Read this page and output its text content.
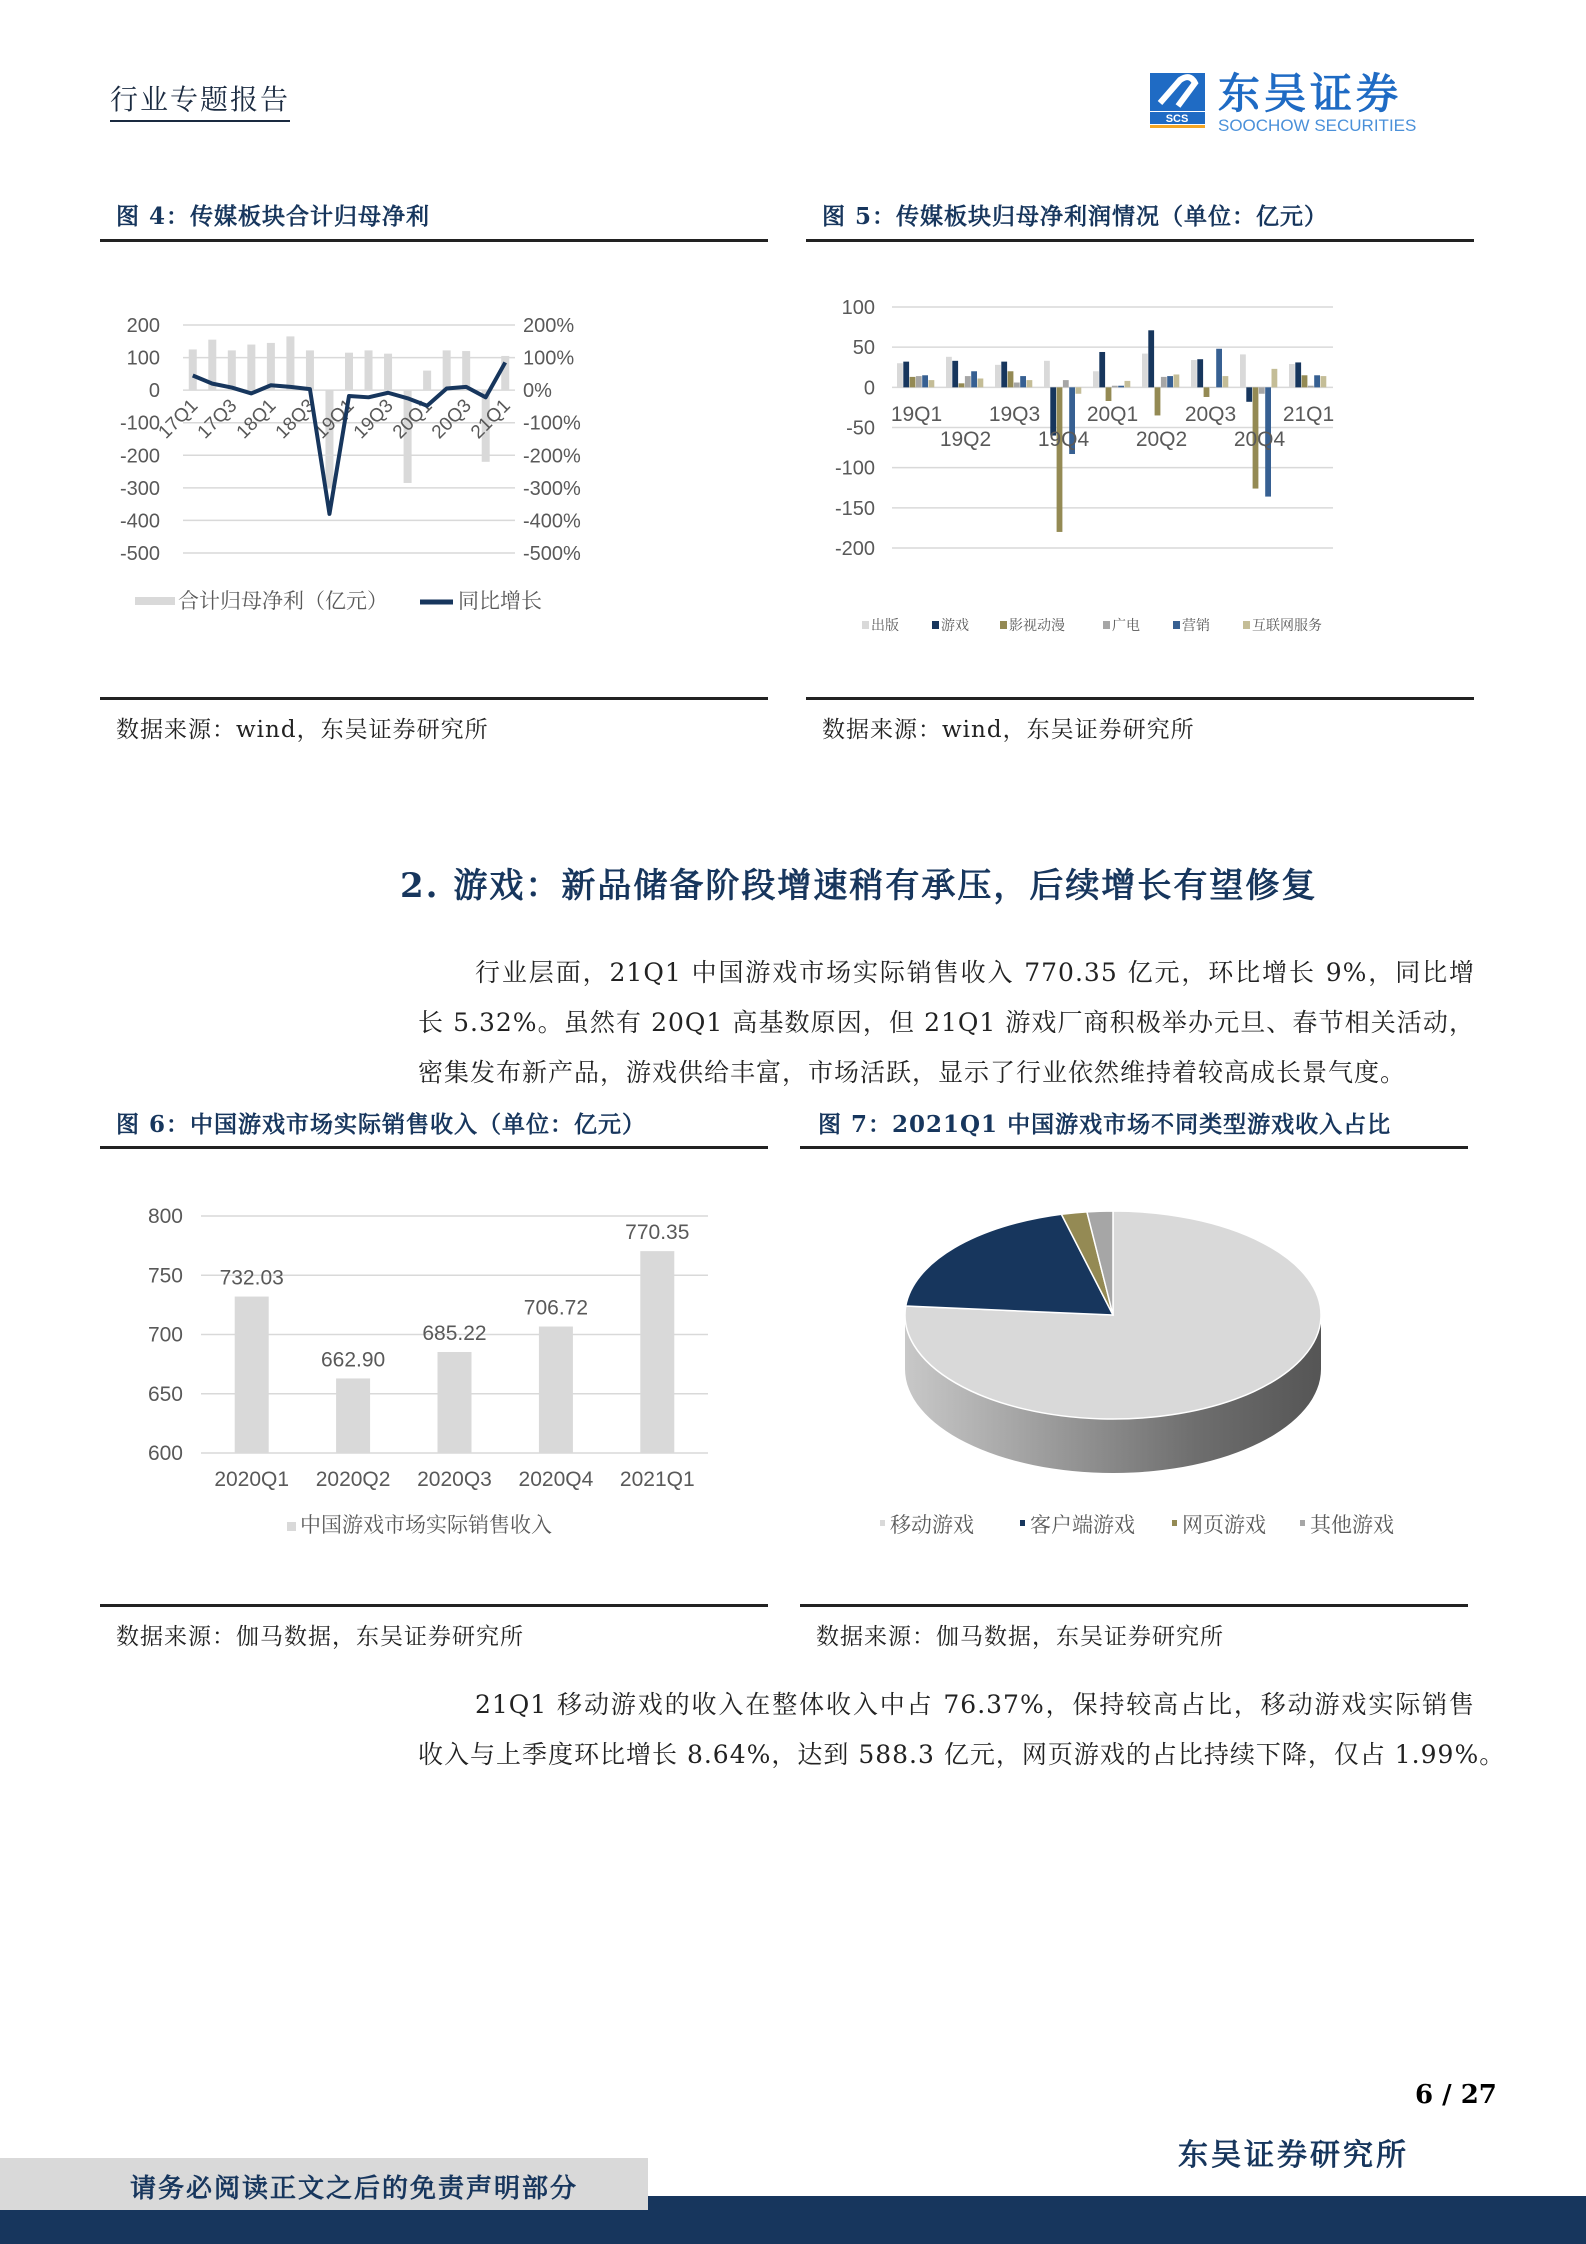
行业专题报告
SCS
东吴证券
SOOCHOW SECURITIES
图 4：传媒板块合计归母净利
200	200%
100	100%
0	0%
-100	-100%
-200	-200%
-300	-300%
-400	-400%
-500	-500%
17Q1
17Q3
18Q1
18Q3
19Q1
19Q3
20Q1
20Q3
21Q1
合计归母净利（亿元）	同比增长
数据来源：wind，东吴证券研究所
图 5：传媒板块归母净利润情况（单位：亿元）
100
50
0
-50
-100
-150
-200
19Q1
19Q2
19Q3
19Q4
20Q1
20Q2
20Q3
20Q4
21Q1
出版	游戏	影视动漫	广电	营销	互联网服务
数据来源：wind，东吴证券研究所
2. 游戏：新品储备阶段增速稍有承压，后续增长有望修复
行业层面，21Q1 中国游戏市场实际销售收入 770.35 亿元，环比增长 9%，同比增
长 5.32%。虽然有 20Q1 高基数原因，但 21Q1 游戏厂商积极举办元旦、春节相关活动，
密集发布新产品，游戏供给丰富，市场活跃，显示了行业依然维持着较高成长景气度。
图 6：中国游戏市场实际销售收入（单位：亿元）
800
750
700
650
600
732.03
2020Q1
662.90
2020Q2
685.22
2020Q3
706.72
2020Q4
770.35
2021Q1
中国游戏市场实际销售收入
数据来源：伽马数据，东吴证券研究所
图 7：2021Q1 中国游戏市场不同类型游戏收入占比
移动游戏	客户端游戏 网页游戏 其他游戏
数据来源：伽马数据，东吴证券研究所
21Q1 移动游戏的收入在整体收入中占 76.37%，保持较高占比，移动游戏实际销售
收入与上季度环比增长 8.64%，达到 588.3 亿元，网页游戏的占比持续下降，仅占 1.99%。
6 / 27
东吴证券研究所
请务必阅读正文之后的免责声明部分
